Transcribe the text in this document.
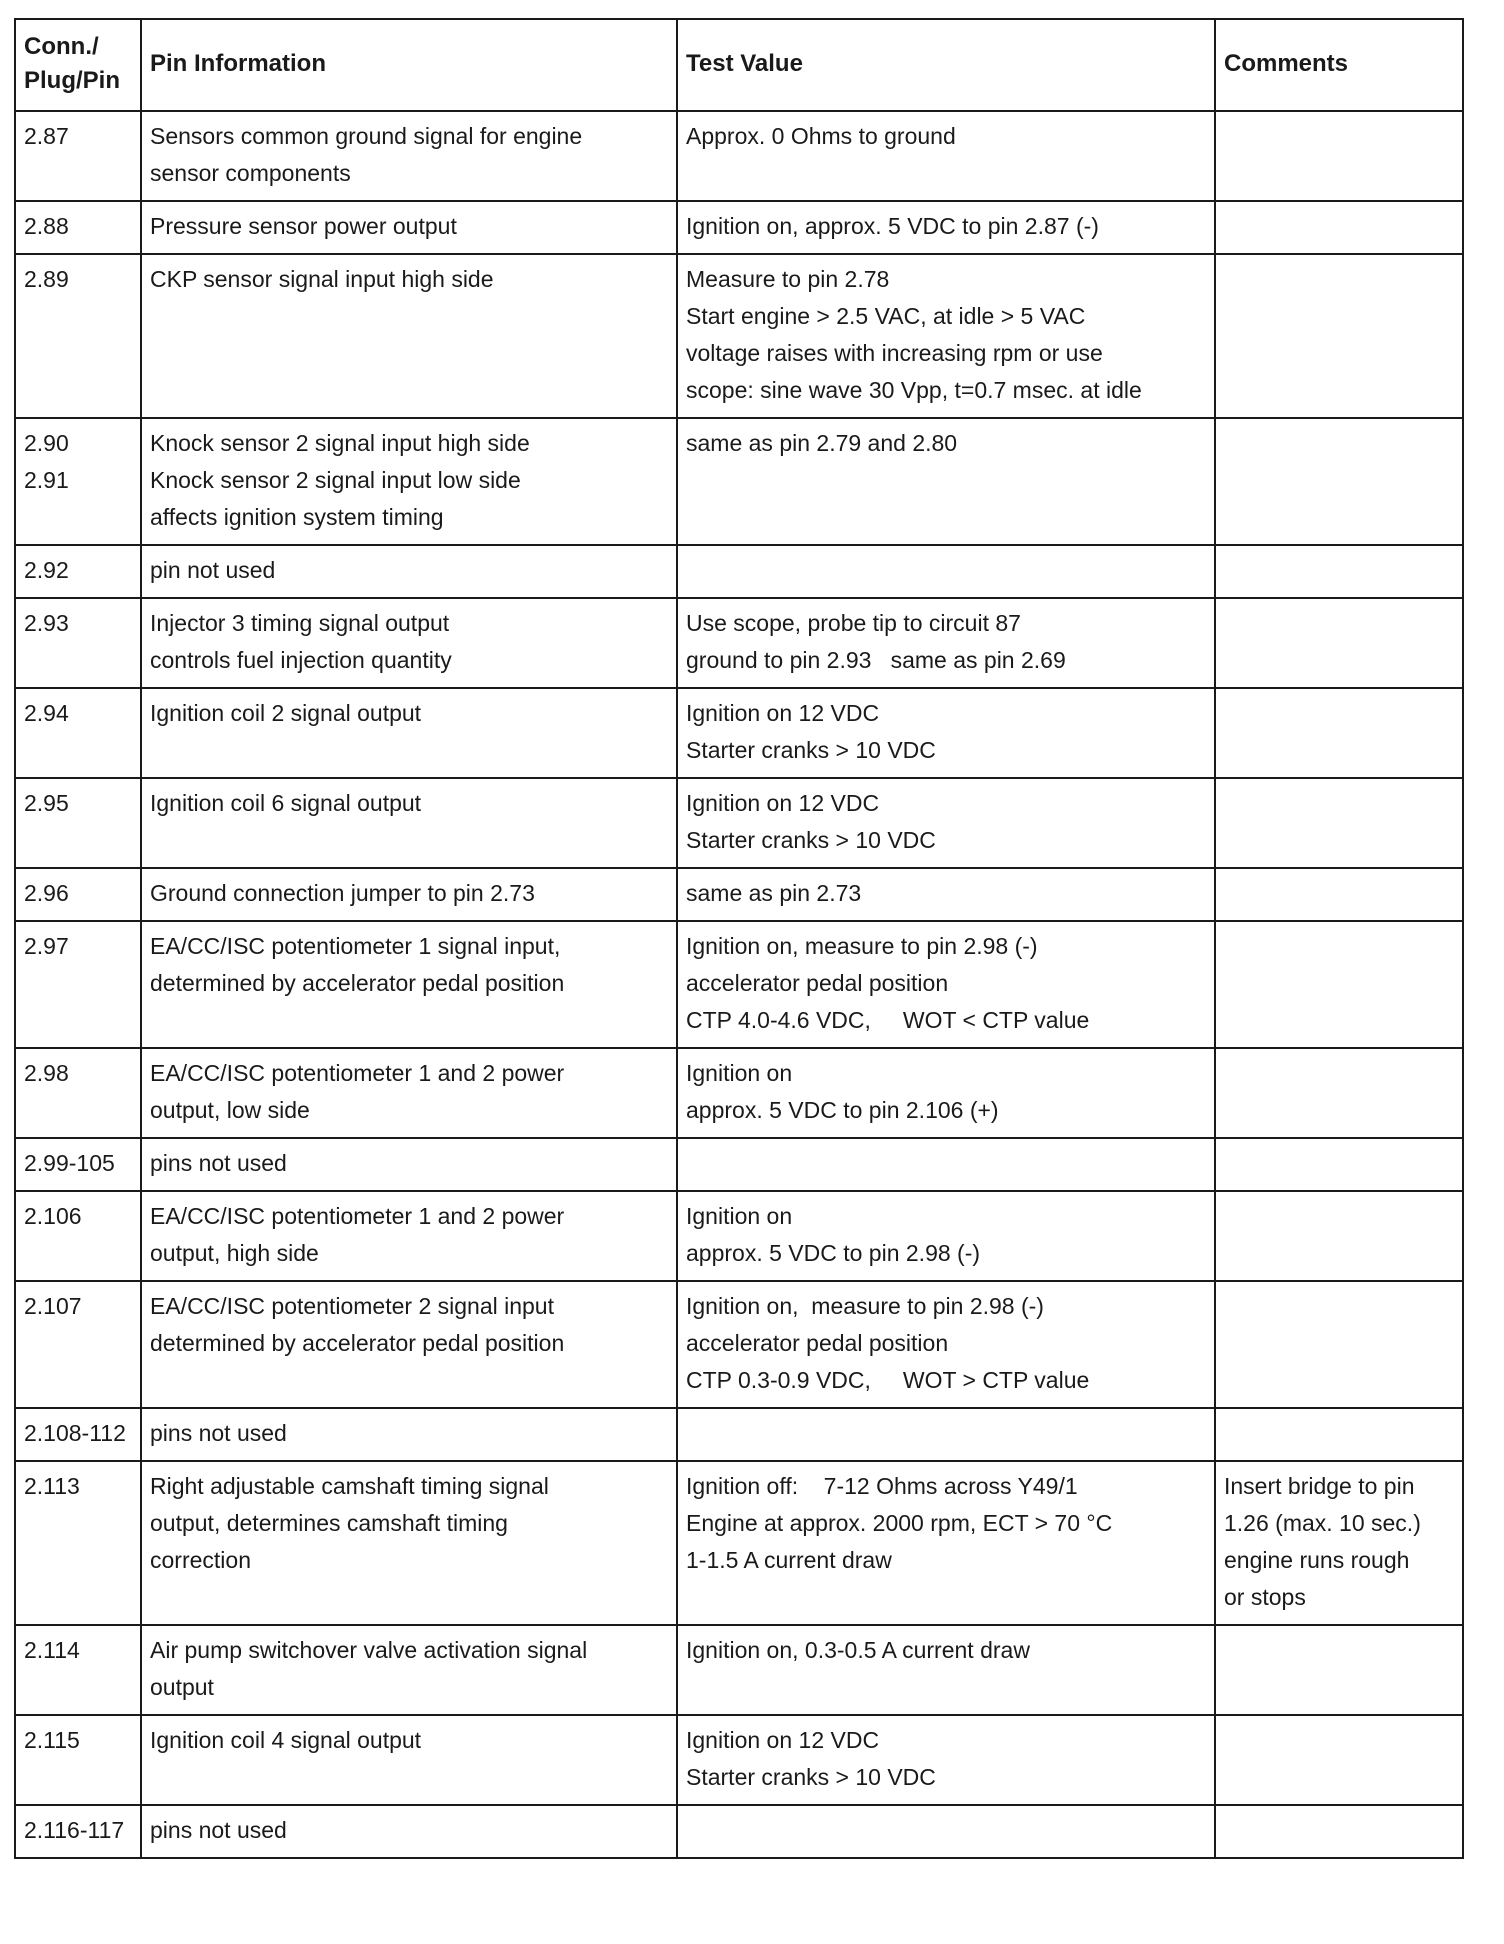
Conn./
Plug/Pin	Pin Information	Test Value	Comments

2.87	Sensors common ground signal for engine
sensor components	Approx. 0 Ohms to ground	

2.88	Pressure sensor power output	Ignition on, approx. 5 VDC to pin 2.87 (-)	

2.89	CKP sensor signal input high side	Measure to pin 2.78
Start engine > 2.5 VAC, at idle > 5 VAC
voltage raises with increasing rpm or use
scope: sine wave 30 Vpp, t=0.7 msec. at idle	

2.90
2.91	Knock sensor 2 signal input high side
Knock sensor 2 signal input low side
affects ignition system timing	same as pin 2.79 and 2.80	

2.92	pin not used		

2.93	Injector 3 timing signal output
controls fuel injection quantity	Use scope, probe tip to circuit 87
ground to pin 2.93   same as pin 2.69	

2.94	Ignition coil 2 signal output	Ignition on 12 VDC
Starter cranks > 10 VDC	

2.95	Ignition coil 6 signal output	Ignition on 12 VDC
Starter cranks > 10 VDC	

2.96	Ground connection jumper to pin 2.73	same as pin 2.73	

2.97	EA/CC/ISC potentiometer 1 signal input,
determined by accelerator pedal position	Ignition on, measure to pin 2.98 (-)
accelerator pedal position
CTP 4.0-4.6 VDC,     WOT < CTP value	

2.98	EA/CC/ISC potentiometer 1 and 2 power
output, low side	Ignition on
approx. 5 VDC to pin 2.106 (+)	

2.99-105	pins not used		

2.106	EA/CC/ISC potentiometer 1 and 2 power
output, high side	Ignition on
approx. 5 VDC to pin 2.98 (-)	

2.107	EA/CC/ISC potentiometer 2 signal input
determined by accelerator pedal position	Ignition on,  measure to pin 2.98 (-)
accelerator pedal position
CTP 0.3-0.9 VDC,     WOT > CTP value	

2.108-112	pins not used		

2.113	Right adjustable camshaft timing signal
output, determines camshaft timing
correction	Ignition off:    7-12 Ohms across Y49/1
Engine at approx. 2000 rpm, ECT > 70 °C
1-1.5 A current draw	Insert bridge to pin
1.26 (max. 10 sec.)
engine runs rough
or stops

2.114	Air pump switchover valve activation signal
output	Ignition on, 0.3-0.5 A current draw	

2.115	Ignition coil 4 signal output	Ignition on 12 VDC
Starter cranks > 10 VDC	

2.116-117	pins not used		
